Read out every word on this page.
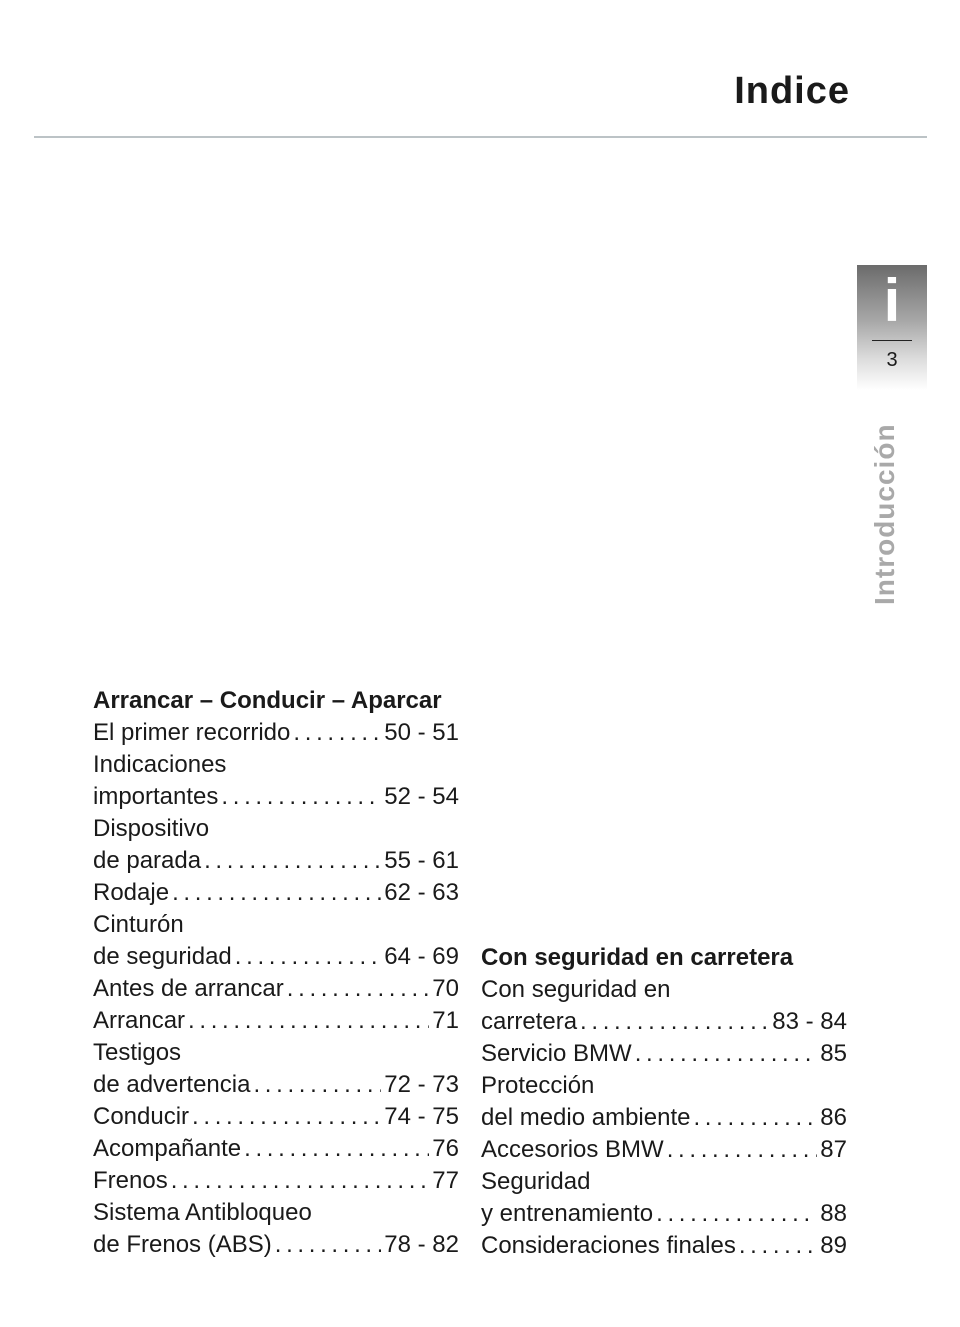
Indice
i
3
Introducción
Arrancar – Conducir – Aparcar
El primer recorrido . . .	50 - 51
Indicaciones
importantes . . .	52 - 54
Dispositivo
de parada . . .	55 - 61
Rodaje . . .	62 - 63
Cinturón
de seguridad . . .	64 - 69
Antes de arrancar . . .	70
Arrancar . . .	71
Testigos
de advertencia . . .	72 - 73
Conducir . . .	74 - 75
Acompañante . . .	76
Frenos . . .	77
Sistema Antibloqueo
de Frenos (ABS) . . .	78 - 82
Con seguridad en carretera
Con seguridad en
carretera . . .	83 - 84
Servicio BMW . . .	85
Protección
del medio ambiente . . .	86
Accesorios BMW . . .	87
Seguridad
y entrenamiento . . .	88
Consideraciones finales . . .	89
